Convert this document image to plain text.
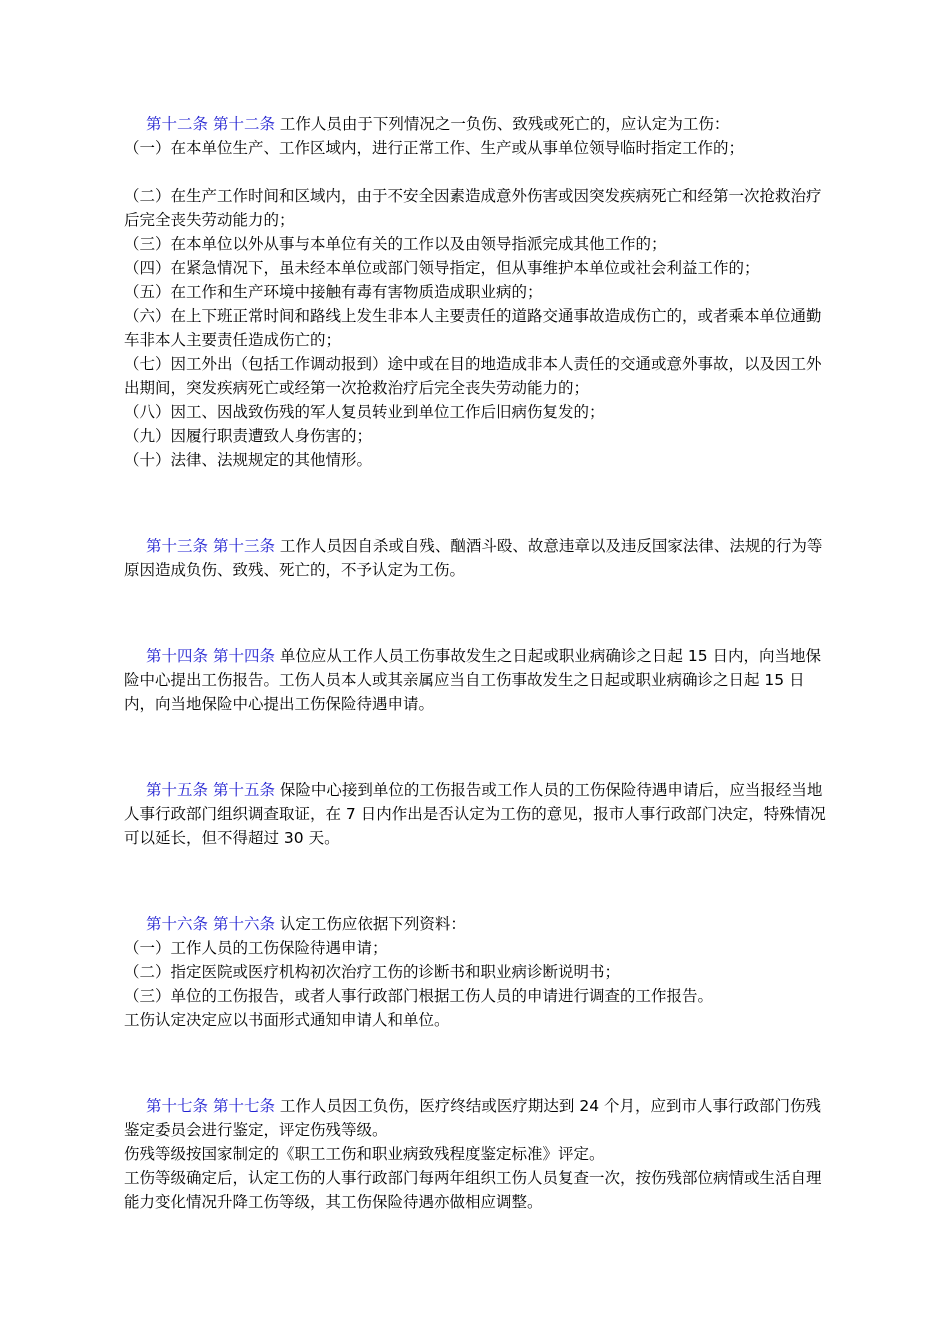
第十二条 第十二条 工作人员由于下列情况之一负伤、致残或死亡的，应认定为工伤：

（一）在本单位生产、工作区域内，进行正常工作、生产或从事单位领导临时指定工作的；

（二）在生产工作时间和区域内，由于不安全因素造成意外伤害或因突发疾病死亡和经第一次抢救治疗后完全丧失劳动能力的；

（三）在本单位以外从事与本单位有关的工作以及由领导指派完成其他工作的；

（四）在紧急情况下，虽未经本单位或部门领导指定，但从事维护本单位或社会利益工作的；

（五）在工作和生产环境中接触有毒有害物质造成职业病的；

（六）在上下班正常时间和路线上发生非本人主要责任的道路交通事故造成伤亡的，或者乘本单位通勤车非本人主要责任造成伤亡的；

（七）因工外出（包括工作调动报到）途中或在目的地造成非本人责任的交通或意外事故，以及因工外出期间，突发疾病死亡或经第一次抢救治疗后完全丧失劳动能力的；

（八）因工、因战致伤残的军人复员转业到单位工作后旧病伤复发的；

（九）因履行职责遭致人身伤害的；

（十）法律、法规规定的其他情形。

第十三条 第十三条 工作人员因自杀或自残、酗酒斗殴、故意违章以及违反国家法律、法规的行为等原因造成负伤、致残、死亡的，不予认定为工伤。

第十四条 第十四条 单位应从工作人员工伤事故发生之日起或职业病确诊之日起 15 日内，向当地保险中心提出工伤报告。工伤人员本人或其亲属应当自工伤事故发生之日起或职业病确诊之日起 15 日内，向当地保险中心提出工伤保险待遇申请。

第十五条 第十五条 保险中心接到单位的工伤报告或工作人员的工伤保险待遇申请后，应当报经当地人事行政部门组织调查取证，在 7 日内作出是否认定为工伤的意见，报市人事行政部门决定，特殊情况可以延长，但不得超过 30 天。

第十六条 第十六条 认定工伤应依据下列资料：

（一）工作人员的工伤保险待遇申请；

（二）指定医院或医疗机构初次治疗工伤的诊断书和职业病诊断说明书；

（三）单位的工伤报告，或者人事行政部门根据工伤人员的申请进行调查的工作报告。

工伤认定决定应以书面形式通知申请人和单位。

第十七条 第十七条 工作人员因工负伤，医疗终结或医疗期达到 24 个月，应到市人事行政部门伤残鉴定委员会进行鉴定，评定伤残等级。

伤残等级按国家制定的《职工工伤和职业病致残程度鉴定标准》评定。

工伤等级确定后，认定工伤的人事行政部门每两年组织工伤人员复查一次，按伤残部位病情或生活自理能力变化情况升降工伤等级，其工伤保险待遇亦做相应调整。
